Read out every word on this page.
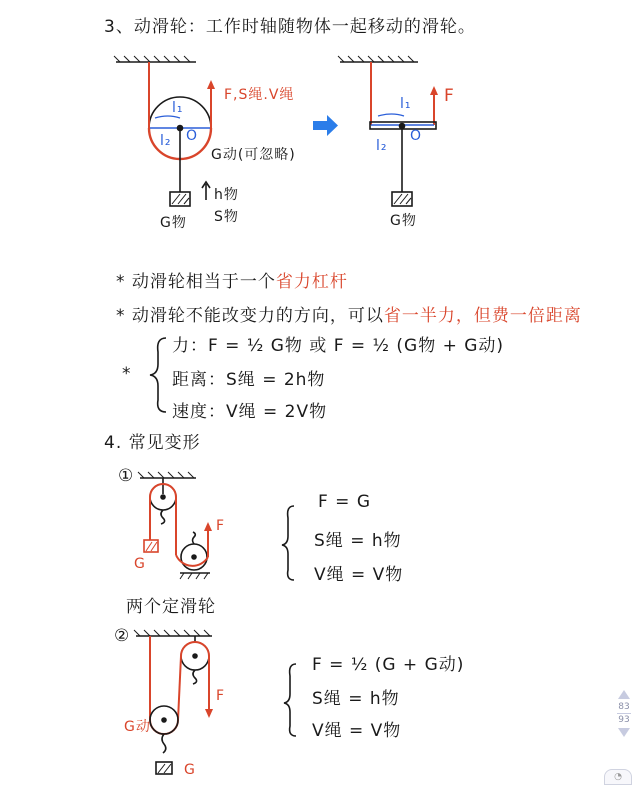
3、动滑轮：工作时轴随物体一起移动的滑轮。
F,S绳.V绳
l₁
l₂ O
G动(可忽略)
h物
S物
G物
F
l₁
l₂
O
G物
* 动滑轮相当于一个省力杠杆
* 动滑轮不能改变力的方向，可以省一半力，但费一倍距离
*
力：F = ½ G物 或 F = ½ (G物 + G动)
距离：S绳 = 2h物
速度：V绳 = 2V物
4. 常见变形
①
F
G
两个定滑轮
F = G
S绳 = h物
V绳 = V物
②
F
G动
G
F = ½ (G + G动)
S绳 = h物
V绳 = V物
83
93
◔
